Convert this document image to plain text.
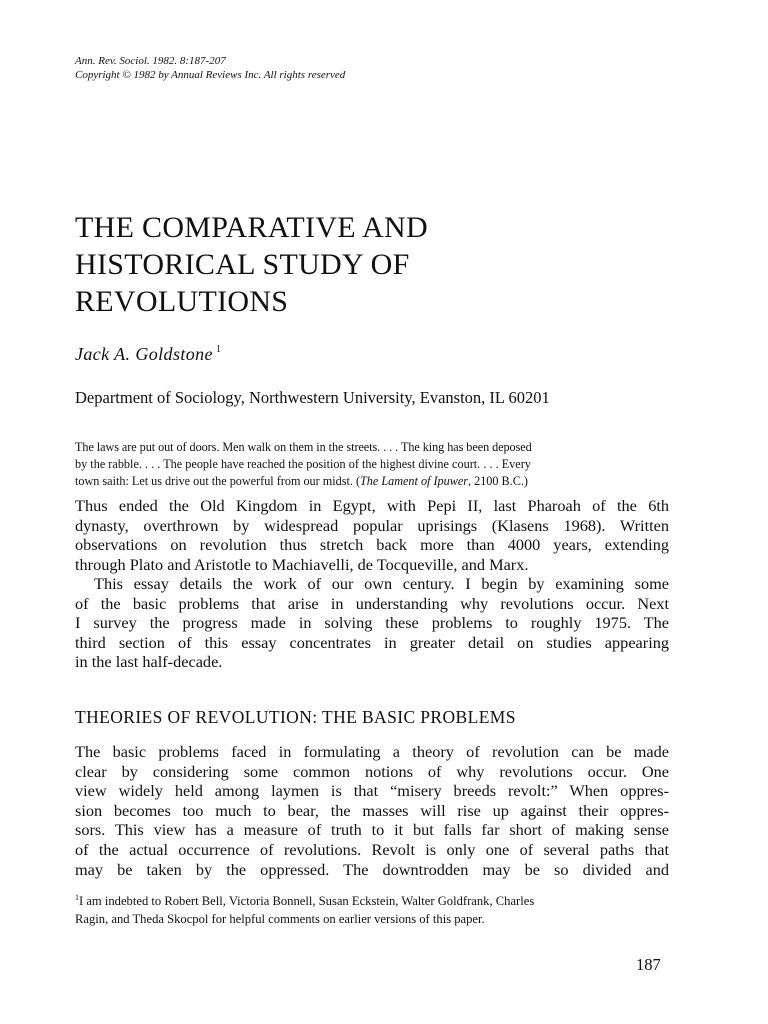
Ann. Rev. Sociol. 1982. 8:187-207
Copyright © 1982 by Annual Reviews Inc. All rights reserved
THE COMPARATIVE AND
HISTORICAL STUDY OF
REVOLUTIONS
Jack A. Goldstone $^1$
Department of Sociology, Northwestern University, Evanston, IL 60201
The laws are put out of doors. Men walk on them in the streets. . . . The king has been deposed
by the rabble. . . . The people have reached the position of the highest divine court. . . . Every
town saith: Let us drive out the powerful from our midst. (The Lament of Ipuwer, 2100 B.C.)
Thus ended the Old Kingdom in Egypt, with Pepi II, last Pharoah of the 6th
dynasty, overthrown by widespread popular uprisings (Klasens 1968). Written
observations on revolution thus stretch back more than 4000 years, extending
through Plato and Aristotle to Machiavelli, de Tocqueville, and Marx.
This essay details the work of our own century. I begin by examining some
of the basic problems that arise in understanding why revolutions occur. Next
I survey the progress made in solving these problems to roughly 1975. The
third section of this essay concentrates in greater detail on studies appearing
in the last half-decade.
THEORIES OF REVOLUTION: THE BASIC PROBLEMS
The basic problems faced in formulating a theory of revolution can be made
clear by considering some common notions of why revolutions occur. One
view widely held among laymen is that “misery breeds revolt:” When oppres-
sion becomes too much to bear, the masses will rise up against their oppres-
sors. This view has a measure of truth to it but falls far short of making sense
of the actual occurrence of revolutions. Revolt is only one of several paths that
may be taken by the oppressed. The downtrodden may be so divided and
$^1$I am indebted to Robert Bell, Victoria Bonnell, Susan Eckstein, Walter Goldfrank, Charles
Ragin, and Theda Skocpol for helpful comments on earlier versions of this paper.
187
